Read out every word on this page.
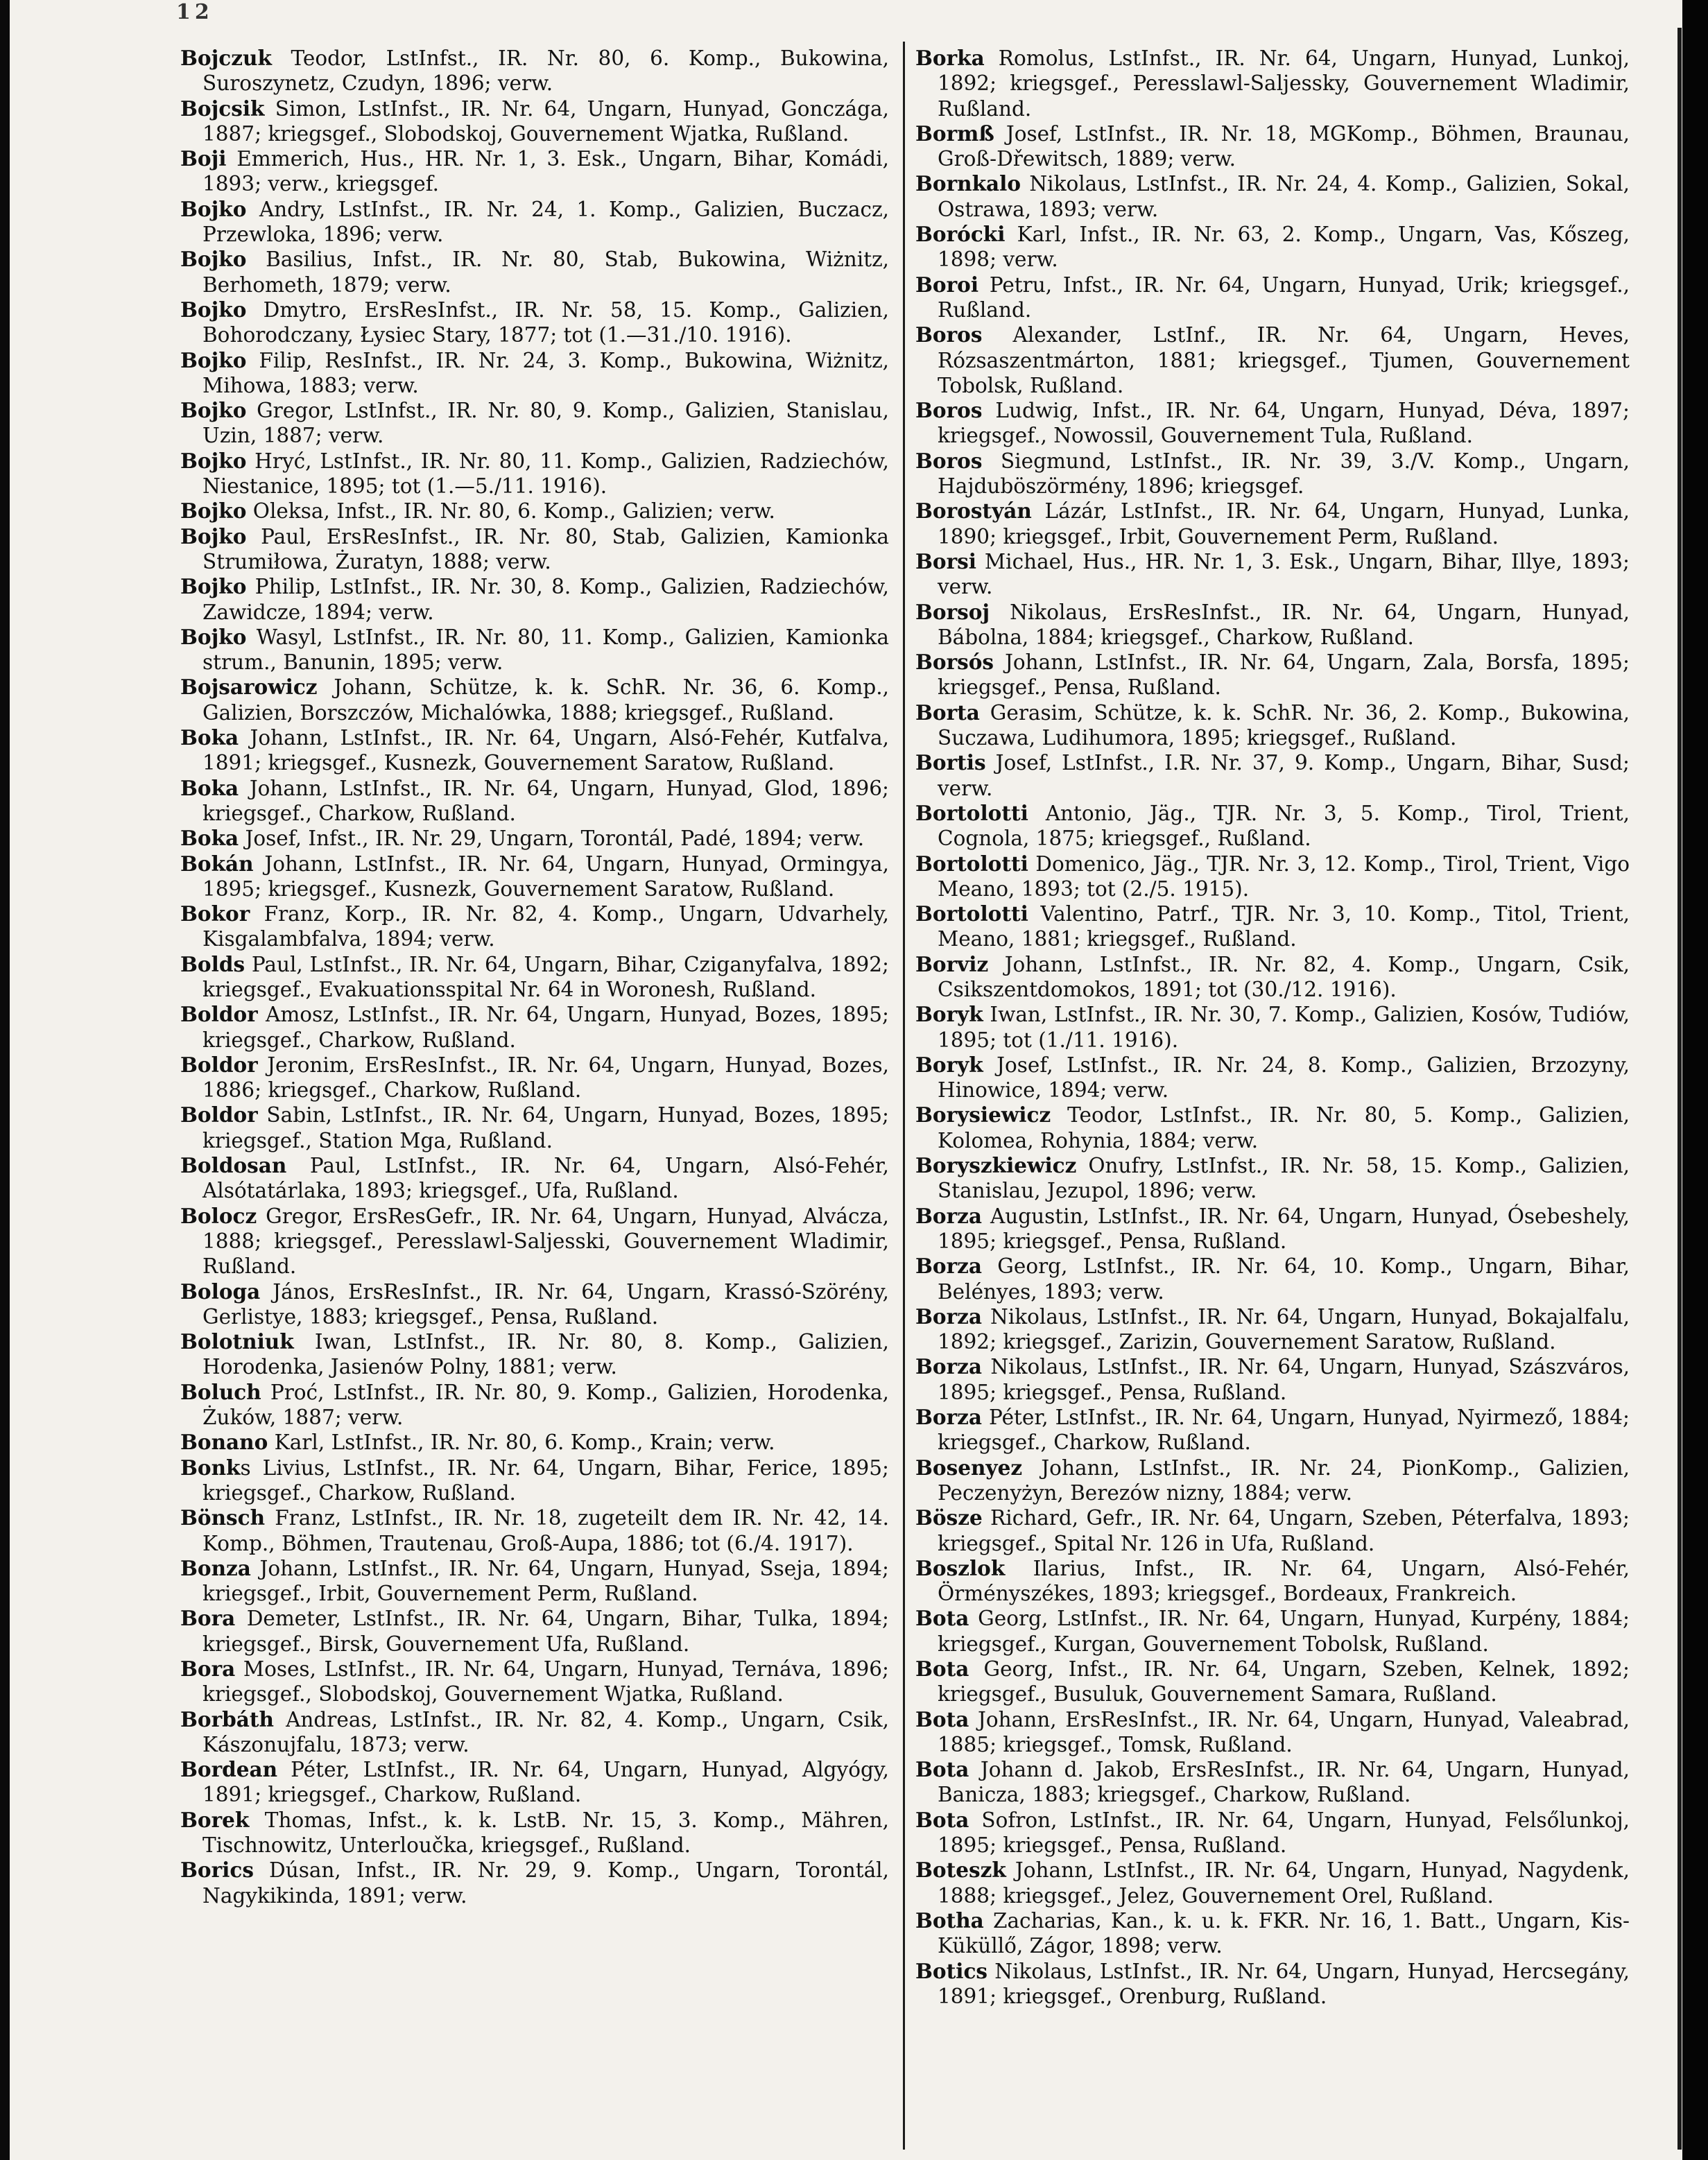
12
Bojczuk Teodor, LstInfst., IR. Nr. 80, 6. Komp., Bukowina, Suroszynetz, Czudyn, 1896; verw.
Bojcsik Simon, LstInfst., IR. Nr. 64, Ungarn, Hunyad, Gonczága, 1887; kriegsgef., Slobodskoj, Gouvernement Wjatka, Rußland.
Boji Emmerich, Hus., HR. Nr. 1, 3. Esk., Ungarn, Bihar, Komádi, 1893; verw., kriegsgef.
Bojko Andry, LstInfst., IR. Nr. 24, 1. Komp., Galizien, Buczacz, Przewloka, 1896; verw.
Bojko Basilius, Infst., IR. Nr. 80, Stab, Bukowina, Wiżnitz, Berhometh, 1879; verw.
Bojko Dmytro, ErsResInfst., IR. Nr. 58, 15. Komp., Galizien, Bohorodczany, Łysiec Stary, 1877; tot (1.—31./10. 1916).
Bojko Filip, ResInfst., IR. Nr. 24, 3. Komp., Bukowina, Wiżnitz, Mihowa, 1883; verw.
Bojko Gregor, LstInfst., IR. Nr. 80, 9. Komp., Galizien, Stanislau, Uzin, 1887; verw.
Bojko Hryć, LstInfst., IR. Nr. 80, 11. Komp., Galizien, Radziechów, Niestanice, 1895; tot (1.—5./11. 1916).
Bojko Oleksa, Infst., IR. Nr. 80, 6. Komp., Galizien; verw.
Bojko Paul, ErsResInfst., IR. Nr. 80, Stab, Galizien, Kamionka Strumiłowa, Żuratyn, 1888; verw.
Bojko Philip, LstInfst., IR. Nr. 30, 8. Komp., Galizien, Radziechów, Zawidcze, 1894; verw.
Bojko Wasyl, LstInfst., IR. Nr. 80, 11. Komp., Galizien, Kamionka strum., Banunin, 1895; verw.
Bojsarowicz Johann, Schütze, k. k. SchR. Nr. 36, 6. Komp., Galizien, Borszczów, Michalówka, 1888; kriegsgef., Rußland.
Boka Johann, LstInfst., IR. Nr. 64, Ungarn, Alsó-Fehér, Kutfalva, 1891; kriegsgef., Kusnezk, Gouvernement Saratow, Rußland.
Boka Johann, LstInfst., IR. Nr. 64, Ungarn, Hunyad, Glod, 1896; kriegsgef., Charkow, Rußland.
Boka Josef, Infst., IR. Nr. 29, Ungarn, Torontál, Padé, 1894; verw.
Bokán Johann, LstInfst., IR. Nr. 64, Ungarn, Hunyad, Ormingya, 1895; kriegsgef., Kusnezk, Gouvernement Saratow, Rußland.
Bokor Franz, Korp., IR. Nr. 82, 4. Komp., Ungarn, Udvarhely, Kisgalambfalva, 1894; verw.
Bolds Paul, LstInfst., IR. Nr. 64, Ungarn, Bihar, Cziganyfalva, 1892; kriegsgef., Evakuationsspital Nr. 64 in Woronesh, Rußland.
Boldor Amosz, LstInfst., IR. Nr. 64, Ungarn, Hunyad, Bozes, 1895; kriegsgef., Charkow, Rußland.
Boldor Jeronim, ErsResInfst., IR. Nr. 64, Ungarn, Hunyad, Bozes, 1886; kriegsgef., Charkow, Rußland.
Boldor Sabin, LstInfst., IR. Nr. 64, Ungarn, Hunyad, Bozes, 1895; kriegsgef., Station Mga, Rußland.
Boldosan Paul, LstInfst., IR. Nr. 64, Ungarn, Alsó-Fehér, Alsótatárlaka, 1893; kriegsgef., Ufa, Rußland.
Bolocz Gregor, ErsResGefr., IR. Nr. 64, Ungarn, Hunyad, Alvácza, 1888; kriegsgef., Peresslawl-Saljesski, Gouvernement Wladimir, Rußland.
Bologa János, ErsResInfst., IR. Nr. 64, Ungarn, Krassó-Szörény, Gerlistye, 1883; kriegsgef., Pensa, Rußland.
Bolotniuk Iwan, LstInfst., IR. Nr. 80, 8. Komp., Galizien, Horodenka, Jasienów Polny, 1881; verw.
Boluch Proć, LstInfst., IR. Nr. 80, 9. Komp., Galizien, Horodenka, Żuków, 1887; verw.
Bonano Karl, LstInfst., IR. Nr. 80, 6. Komp., Krain; verw.
Bonks Livius, LstInfst., IR. Nr. 64, Ungarn, Bihar, Ferice, 1895; kriegsgef., Charkow, Rußland.
Bönsch Franz, LstInfst., IR. Nr. 18, zugeteilt dem IR. Nr. 42, 14. Komp., Böhmen, Trautenau, Groß-Aupa, 1886; tot (6./4. 1917).
Bonza Johann, LstInfst., IR. Nr. 64, Ungarn, Hunyad, Sseja, 1894; kriegsgef., Irbit, Gouvernement Perm, Rußland.
Bora Demeter, LstInfst., IR. Nr. 64, Ungarn, Bihar, Tulka, 1894; kriegsgef., Birsk, Gouvernement Ufa, Rußland.
Bora Moses, LstInfst., IR. Nr. 64, Ungarn, Hunyad, Ternáva, 1896; kriegsgef., Slobodskoj, Gouvernement Wjatka, Rußland.
Borbáth Andreas, LstInfst., IR. Nr. 82, 4. Komp., Ungarn, Csik, Kászonujfalu, 1873; verw.
Bordean Péter, LstInfst., IR. Nr. 64, Ungarn, Hunyad, Algyógy, 1891; kriegsgef., Charkow, Rußland.
Borek Thomas, Infst., k. k. LstB. Nr. 15, 3. Komp., Mähren, Tischnowitz, Unterloučka, kriegsgef., Rußland.
Borics Dúsan, Infst., IR. Nr. 29, 9. Komp., Ungarn, Torontál, Nagykikinda, 1891; verw.
Borka Romolus, LstInfst., IR. Nr. 64, Ungarn, Hunyad, Lunkoj, 1892; kriegsgef., Peresslawl-Saljessky, Gouvernement Wladimir, Rußland.
Bormß Josef, LstInfst., IR. Nr. 18, MGKomp., Böhmen, Braunau, Groß-Dřewitsch, 1889; verw.
Bornkalo Nikolaus, LstInfst., IR. Nr. 24, 4. Komp., Galizien, Sokal, Ostrawa, 1893; verw.
Borócki Karl, Infst., IR. Nr. 63, 2. Komp., Ungarn, Vas, Kőszeg, 1898; verw.
Boroi Petru, Infst., IR. Nr. 64, Ungarn, Hunyad, Urik; kriegsgef., Rußland.
Boros Alexander, LstInf., IR. Nr. 64, Ungarn, Heves, Rózsaszentmárton, 1881; kriegsgef., Tjumen, Gouvernement Tobolsk, Rußland.
Boros Ludwig, Infst., IR. Nr. 64, Ungarn, Hunyad, Déva, 1897; kriegsgef., Nowossil, Gouvernement Tula, Rußland.
Boros Siegmund, LstInfst., IR. Nr. 39, 3./V. Komp., Ungarn, Hajduböszörmény, 1896; kriegsgef.
Borostyán Lázár, LstInfst., IR. Nr. 64, Ungarn, Hunyad, Lunka, 1890; kriegsgef., Irbit, Gouvernement Perm, Rußland.
Borsi Michael, Hus., HR. Nr. 1, 3. Esk., Ungarn, Bihar, Illye, 1893; verw.
Borsoj Nikolaus, ErsResInfst., IR. Nr. 64, Ungarn, Hunyad, Bábolna, 1884; kriegsgef., Charkow, Rußland.
Borsós Johann, LstInfst., IR. Nr. 64, Ungarn, Zala, Borsfa, 1895; kriegsgef., Pensa, Rußland.
Borta Gerasim, Schütze, k. k. SchR. Nr. 36, 2. Komp., Bukowina, Suczawa, Ludihumora, 1895; kriegsgef., Rußland.
Bortis Josef, LstInfst., I.R. Nr. 37, 9. Komp., Ungarn, Bihar, Susd; verw.
Bortolotti Antonio, Jäg., TJR. Nr. 3, 5. Komp., Tirol, Trient, Cognola, 1875; kriegsgef., Rußland.
Bortolotti Domenico, Jäg., TJR. Nr. 3, 12. Komp., Tirol, Trient, Vigo Meano, 1893; tot (2./5. 1915).
Bortolotti Valentino, Patrf., TJR. Nr. 3, 10. Komp., Titol, Trient, Meano, 1881; kriegsgef., Rußland.
Borviz Johann, LstInfst., IR. Nr. 82, 4. Komp., Ungarn, Csik, Csikszentdomokos, 1891; tot (30./12. 1916).
Boryk Iwan, LstInfst., IR. Nr. 30, 7. Komp., Galizien, Kosów, Tudiów, 1895; tot (1./11. 1916).
Boryk Josef, LstInfst., IR. Nr. 24, 8. Komp., Galizien, Brzozyny, Hinowice, 1894; verw.
Borysiewicz Teodor, LstInfst., IR. Nr. 80, 5. Komp., Galizien, Kolomea, Rohynia, 1884; verw.
Boryszkiewicz Onufry, LstInfst., IR. Nr. 58, 15. Komp., Galizien, Stanislau, Jezupol, 1896; verw.
Borza Augustin, LstInfst., IR. Nr. 64, Ungarn, Hunyad, Ósebeshely, 1895; kriegsgef., Pensa, Rußland.
Borza Georg, LstInfst., IR. Nr. 64, 10. Komp., Ungarn, Bihar, Belényes, 1893; verw.
Borza Nikolaus, LstInfst., IR. Nr. 64, Ungarn, Hunyad, Bokajalfalu, 1892; kriegsgef., Zarizin, Gouvernement Saratow, Rußland.
Borza Nikolaus, LstInfst., IR. Nr. 64, Ungarn, Hunyad, Szászváros, 1895; kriegsgef., Pensa, Rußland.
Borza Péter, LstInfst., IR. Nr. 64, Ungarn, Hunyad, Nyirmező, 1884; kriegsgef., Charkow, Rußland.
Bosenyez Johann, LstInfst., IR. Nr. 24, PionKomp., Galizien, Peczenyżyn, Berezów nizny, 1884; verw.
Bösze Richard, Gefr., IR. Nr. 64, Ungarn, Szeben, Péterfalva, 1893; kriegsgef., Spital Nr. 126 in Ufa, Rußland.
Boszlok Ilarius, Infst., IR. Nr. 64, Ungarn, Alsó-Fehér, Örményszékes, 1893; kriegsgef., Bordeaux, Frankreich.
Bota Georg, LstInfst., IR. Nr. 64, Ungarn, Hunyad, Kurpény, 1884; kriegsgef., Kurgan, Gouvernement Tobolsk, Rußland.
Bota Georg, Infst., IR. Nr. 64, Ungarn, Szeben, Kelnek, 1892; kriegsgef., Busuluk, Gouvernement Samara, Rußland.
Bota Johann, ErsResInfst., IR. Nr. 64, Ungarn, Hunyad, Valeabrad, 1885; kriegsgef., Tomsk, Rußland.
Bota Johann d. Jakob, ErsResInfst., IR. Nr. 64, Ungarn, Hunyad, Banicza, 1883; kriegsgef., Charkow, Rußland.
Bota Sofron, LstInfst., IR. Nr. 64, Ungarn, Hunyad, Felsőlunkoj, 1895; kriegsgef., Pensa, Rußland.
Boteszk Johann, LstInfst., IR. Nr. 64, Ungarn, Hunyad, Nagydenk, 1888; kriegsgef., Jelez, Gouvernement Orel, Rußland.
Botha Zacharias, Kan., k. u. k. FKR. Nr. 16, 1. Batt., Ungarn, Kis-Küküllő, Zágor, 1898; verw.
Botics Nikolaus, LstInfst., IR. Nr. 64, Ungarn, Hunyad, Hercsegány, 1891; kriegsgef., Orenburg, Rußland.
